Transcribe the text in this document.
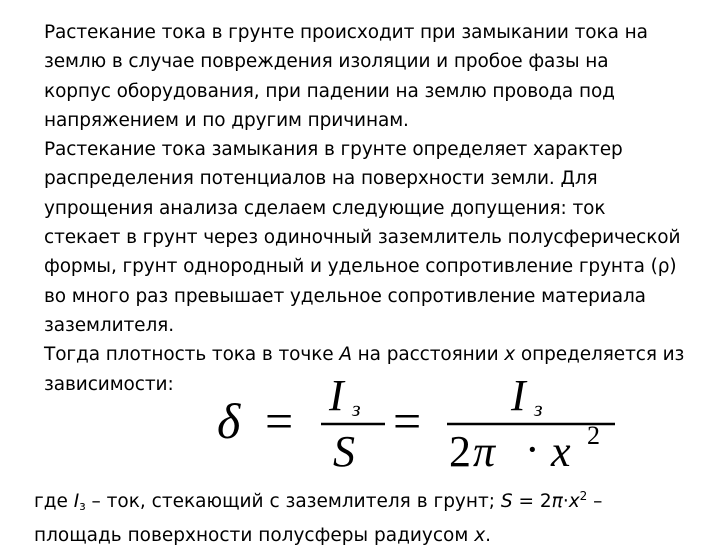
Растекание тока в грунте происходит при замыкании тока на
землю в случае повреждения изоляции и пробое фазы на
корпус оборудования, при падении на землю провода под
напряжением и по другим причинам.
Растекание тока замыкания в грунте определяет характер
распределения потенциалов на поверхности земли. Для
упрощения анализа сделаем следующие допущения: ток
стекает в грунт через одиночный заземлитель полусферической
формы, грунт однородный и удельное сопротивление грунта (ρ)
во много раз превышает удельное сопротивление материала
заземлителя.
Тогда плотность тока в точке A на расстоянии x определяется из
зависимости:
δ = I з
S
= I з
2 π · x 2
где $I_з$ – ток, стекающий с заземлителя в грунт; $S = 2\pi\cdot x^2$ –
площадь поверхности полусферы радиусом x.
